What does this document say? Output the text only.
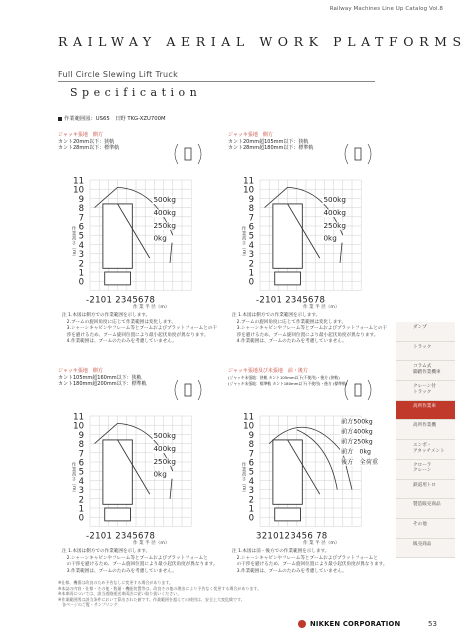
Railway Machines Line Up Catalog Vol.8
RAILWAY AERIAL WORK PLATFORMS
Full Circle Slewing Lift Truck
Specification
作業範囲図：US65　日野 TKG-XZU700M
ジャッキ張地　側方
カント20mm以下：狭軌
カント28mm以下：標準軌
11
10
9
8
7
6
5
4
3
2
1
0
-2101 2345678
500kg
400kg
250kg
0kg
作業高さ（m）
作 業 半 径（m）
注 1.本図は側方での作業範囲を示します。
　2.ブームの旋回角度に応じて作業範囲は変化します。
　3.シャーシキャビンやフレーム等とブームおよびプラットフォームとの干
　渉を避けるため、ブーム旋回位置により最小起伏角度が異なります。
　4.作業範囲は、ブームのたわみを考慮していません。
ジャッキ張地　側方
カント20mm超105mm以下：狭軌
カント28mm超180mm以下：標準軌
11
10
9
8
7
6
5
4
3
2
1
0
-2101 2345678
500kg
400kg
250kg
0kg
作業高さ（m）
作 業 半 径（m）
注 1.本図は側方での作業範囲を示します。
　2.ブームの旋回角度に応じて作業範囲は変化します。
　3.シャーシキャビンやフレーム等とブームおよびプラットフォームとの干
　渉を避けるため、ブーム旋回位置により最小起伏角度が異なります。
　4.作業範囲は、ブームのたわみを考慮していません。
ジャッキ張地　側方
カント105mm超160mm以下：狭軌
カント180mm超200mm以下：標準軌
11
10
9
8
7
6
5
4
3
2
1
0
-2101 2345678
500kg
400kg
250kg
0kg
作業高さ（m）
作 業 半 径（m）
注 1.本図は側方での作業範囲を示します。
　2.シャーシキャビンやフレーム等とブームおよびプラットフォームと
　の干渉を避けるため、ブーム旋回位置により最小起伏角度が異なります。
　3.作業範囲は、ブームのたわみを考慮していません。
ジャッキ張地及び未張地　前・後方
(ジャッキ未張地：狭軌 カント105mm以下(不使用)・後方 (狭軌)
(ジャッキ未張地：標準軌 カント180mm以下(不使用)・後方 (標準軌)
11
10
9
8
7
6
5
4
3
2
1
0
3210123456 78
前方500kg
前方400kg
前方250kg
前方　0kg
後方　全荷重
作業高さ（m）
作 業 半 径（m）
注 1.本図は前・後方での作業範囲を示します。
　2.シャーシキャビンやフレーム等とブームおよびプラットフォームと
　の干渉を避けるため、ブーム旋回位置により最小起伏角度が異なります。
　3.作業範囲は、ブームのたわみを考慮していません。
ダンプ
トラック
コラム式
脚踏作業機車
クレーン付
トラック
高所作業車
高所作業機
ユンボ・
アタッチメント
クローラ
クレーン
鉄道用トロ
製造販売商品
その他
販売商品
※仕様、機番は改良のため予告なしに変更する場合があります。
※本誌の内容・仕様・その他・数量・機能装置等は、改良その他の理由により予告なく変更する場合があります。
※本車両については、該当道路運送車両法に従い取り扱いください。
※作業範囲図は該当条件において算出された値です。作業範囲を超えての使用は、安全上大変危険です。
　各ページのご覧・サンプリング
NIKKEN CORPORATION	53
